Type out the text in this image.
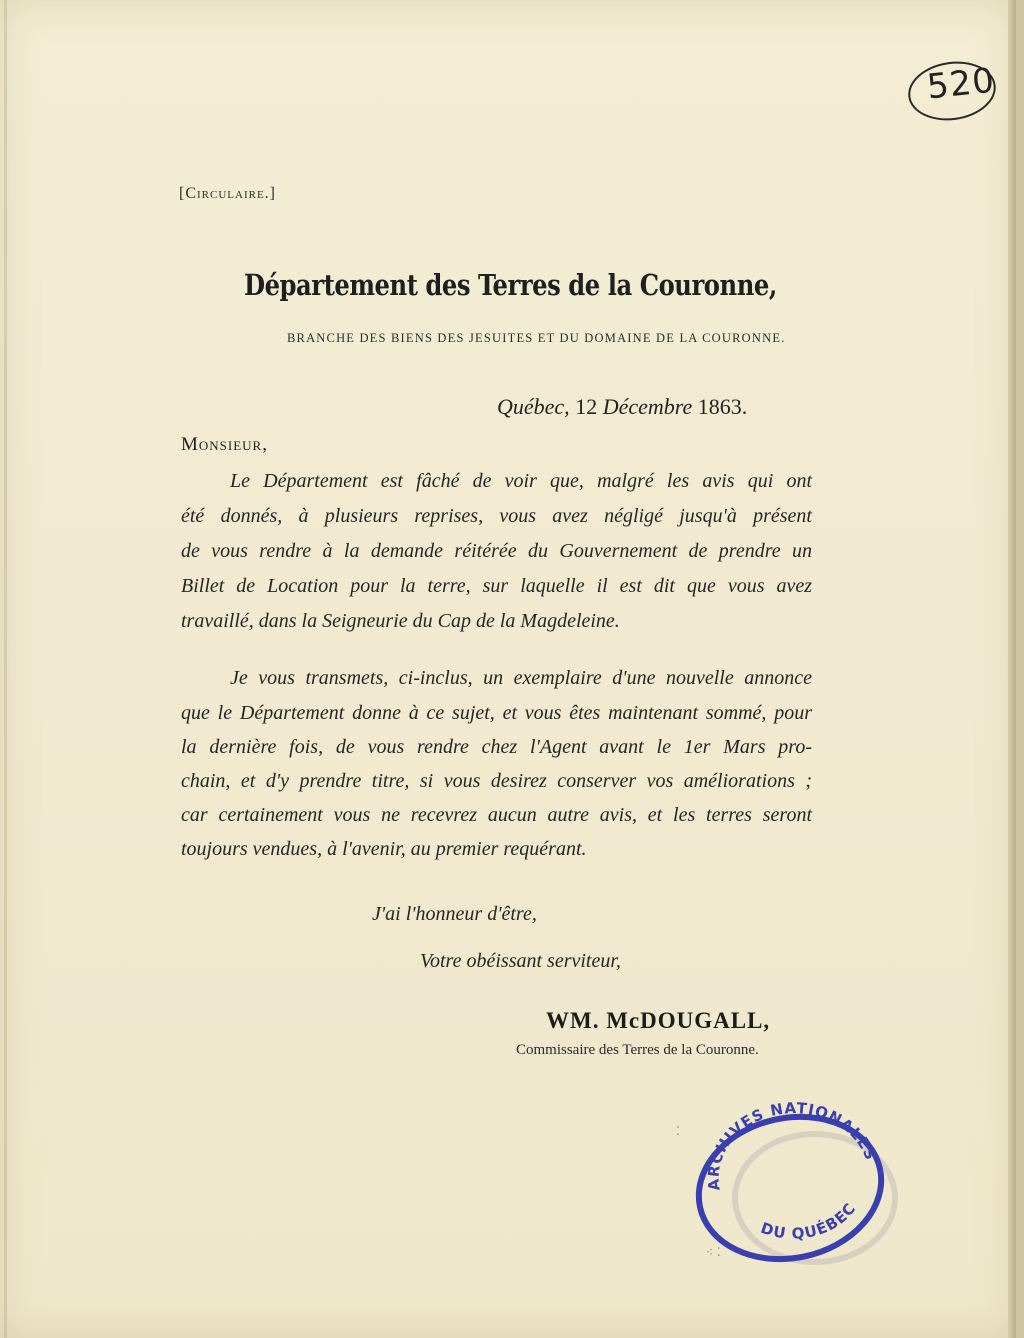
520
[Circulaire.]
Département des Terres de la Couronne,
BRANCHE DES BIENS DES JESUITES ET DU DOMAINE DE LA COURONNE.
Québec, 12 Décembre 1863.
Monsieur,
Le Département est fâché de voir que, malgré les avis qui ont
été donnés, à plusieurs reprises, vous avez négligé jusqu'à présent
de vous rendre à la demande réitérée du Gouvernement de prendre un
Billet de Location pour la terre, sur laquelle il est dit que vous avez
travaillé, dans la Seigneurie du Cap de la Magdeleine.
Je vous transmets, ci-inclus, un exemplaire d'une nouvelle annonce
que le Département donne à ce sujet, et vous êtes maintenant sommé, pour
la dernière fois, de vous rendre chez l'Agent avant le 1er Mars pro-
chain, et d'y prendre titre, si vous desirez conserver vos améliorations ;
car certainement vous ne recevrez aucun autre avis, et les terres seront
toujours vendues, à l'avenir, au premier requérant.
J'ai l'honneur d'être,
Votre obéissant serviteur,
WM. McDOUGALL,
Commissaire des Terres de la Couronne.
⁚
⁖ ⁚
ARCHIVES NATIONALES
DU QUÉBEC
